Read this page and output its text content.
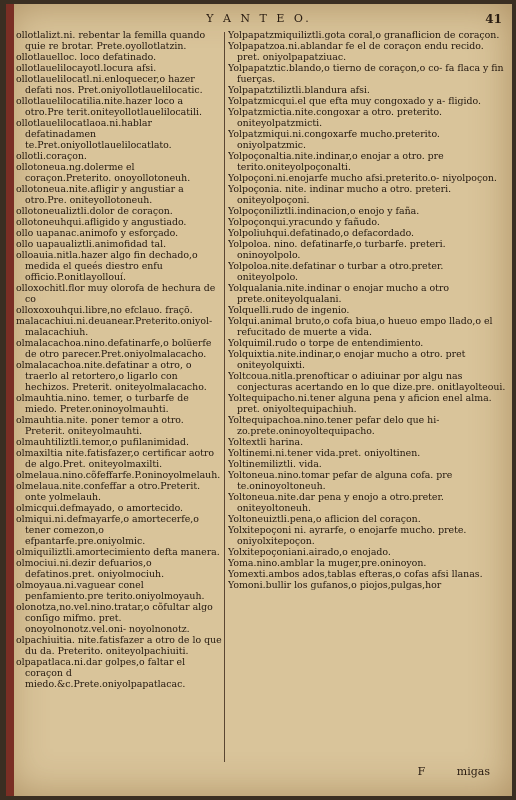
Y A N T E O.	41

ollotlalizt.ni. rebentar la femilla quando quie re brotar. Prete.oyollotlatzin.

ollotlauelloc. loco defatinado.

ollotlauelilocayotl.locura afsi.

ollotlauelilocatl.ni.enloquecer,o hazer defati nos. Pret.oniyollotlauelilocatic.

ollotlauelilocatilia.nite.hazer loco a otro.Pre terit.oniteyollotlauelilocatili.

ollotlauelilocatlaoa.ni.hablar defatinadamen te.Pret.oniyollotlauelilocatlato.

ollotli.coraçon.

ollotoneua.ng.dolerme el coraçon.Preterito. onoyollotoneuh.

ollotoneua.nite.afligir y angustiar a otro.Pre. oniteyollotoneuh.

ollotoneualiztli.dolor de coraçon.

ollotoneuhqui.afligido y angustiado.

ollo uapanac.animofo y esforçado.

ollo uapaualiztli.animofidad tal.

olloauia.nitla.hazer algo fin dechado,o medida el queés diestro enfu officio.P.onitlayollouí.

olloxochitl.flor muy olorofa de hechura de co

olloxoxouhqui.libre,no efclauo. fraçō.

malacachiui.ni.deuanear.Preterito.oniyol- malacachiuh.

olmalacachoa.nino.defatinarfe,o bolüerfe de otro parecer.Pret.oniyolmalacacho.

olmalacachoa.nite.defatinar a otro, o traerlo al retortero,o ligarlo con hechizos. Preterit. oniteyolmalacacho.

olmauhtia.nino. temer, o turbarfe de miedo. Preter.oninoyolmauhti.

olmauhtia.nite. poner temor a otro. Preterit. oniteyolmauhti.

olmauhtiliztli.temor,o pufilanimidad.

olmaxiltia nite.fatisfazer,o certificar aotro de algo.Pret. oniteyolmaxilti.

olmelaua.nino.cõfeffarfe.P.oninoyolmelauh.

olmelaua.nite.confeffar a otro.Preterit. onte yolmelauh.

olmicqui.defmayado, o amortecido.

olmiqui.ni.defmayarfe,o amortecerfe,o tener comezon,o efpantarfe.pre.oniyolmic.

olmiquiliztli.amortecimiento defta manera.

olmociui.ni.dezir defuarios,o defatinos.pret. oniyolmociuh.

olmoyaua.ni.vaguear conel penfamiento.pre terito.oniyolmoyauh.

olonotza,no.vel.nino.tratar,o cõfultar algo conſigo mifmo. pret. onoyolnonotz.vel.oni- noyolnonotz.

olpachiuitia. nite.fatisfazer a otro de lo que du da. Preterito. oniteyolpachiuiti.

olpapatlaca.ni.dar golpes,o faltar el coraçon d miedo.&c.Prete.oniyolpapatlacac.

Yolpapatzmiquiliztli.gota coral,o granaflicion de coraçon.

Yolpapatzoa.ni.ablandar fe el de coraçon endu recido. pret. oniyolpapatziuac.

Yolpapatztic.blando,o tierno de coraçon,o co- fa flaca y fin fuerças.

Yolpapatztiliztli.blandura afsi.

Yolpatzmicqui.el que efta muy congoxado y a- fligido.

Yolpatzmictia.nite.congoxar a otro. preterito. oniteyolpatzmicti.

Yolpatzmiqui.ni.congoxarfe mucho.preterito. oniyolpatzmic.

Yolpoçonaltia.nite.indinar,o enojar a otro. pre terito.oniteyolpoçonalti.

Yolpoçoni.ni.enojarfe mucho afsi.preterito.o- niyolpoçon.

Yolpoçonia. nite. indinar mucho a otro. preteri. oniteyolpoçoni.

Yolpoçoniliztli.indinacion,o enojo y faña.

Yolpoçonqui.yracundo y fañudo.

Yolpoliuhqui.defatinado,o defacordado.

Yolpoloa. nino. defatinarfe,o turbarfe. preteri. oninoyolpolo.

Yolpoloa.nite.defatinar o turbar a otro.preter. oniteyolpolo.

Yolqualania.nite.indinar o enojar mucho a otro prete.oniteyolqualani.

Yolquelli.rudo de ingenio.

Yolqui.animal bruto,o cofa biua,o hueuo empo llado,o el refucitado de muerte a vida.

Yolquimil.rudo o torpe de entendimiento.

Yolquixtia.nite.indinar,o enojar mucho a otro. pret oniteyolquixti.

Yoltcoua.nitla.prenofticar o adiuinar por algu nas conjecturas acertando en lo que dize.pre. onitlayolteoui.

Yoltequipacho.ni.tener alguna pena y aficion enel alma. pret. oniyoltequipachiuh.

Yoltequipachoa.nino.tener pefar delo que hi- zo.prete.oninoyoltequipacho.

Yoltextli harina.

Yoltinemi.ni.tener vida.pret. oniyoltinen.

Yoltinemiliztli. vida.

Yoltoneua.nino.tomar pefar de alguna cofa. pre te.oninoyoltoneuh.

Yoltoneua.nite.dar pena y enojo a otro.preter. oniteyoltoneuh.

Yoltoneuiztli.pena,o aflicion del coraçon.

Yolxitepoçoni ni. ayrarfe, o enojarfe mucho. prete. oniyolxitepoçon.

Yolxitepoçoniani.airado,o enojado.

Yoma.nino.amblar la muger,pre.oninoyon.

Yomexti.ambos ados,tablas efteras,o cofas afsi llanas.

Yomoni.bullir los gufanos,o piojos,pulgas,hor

F	migas
